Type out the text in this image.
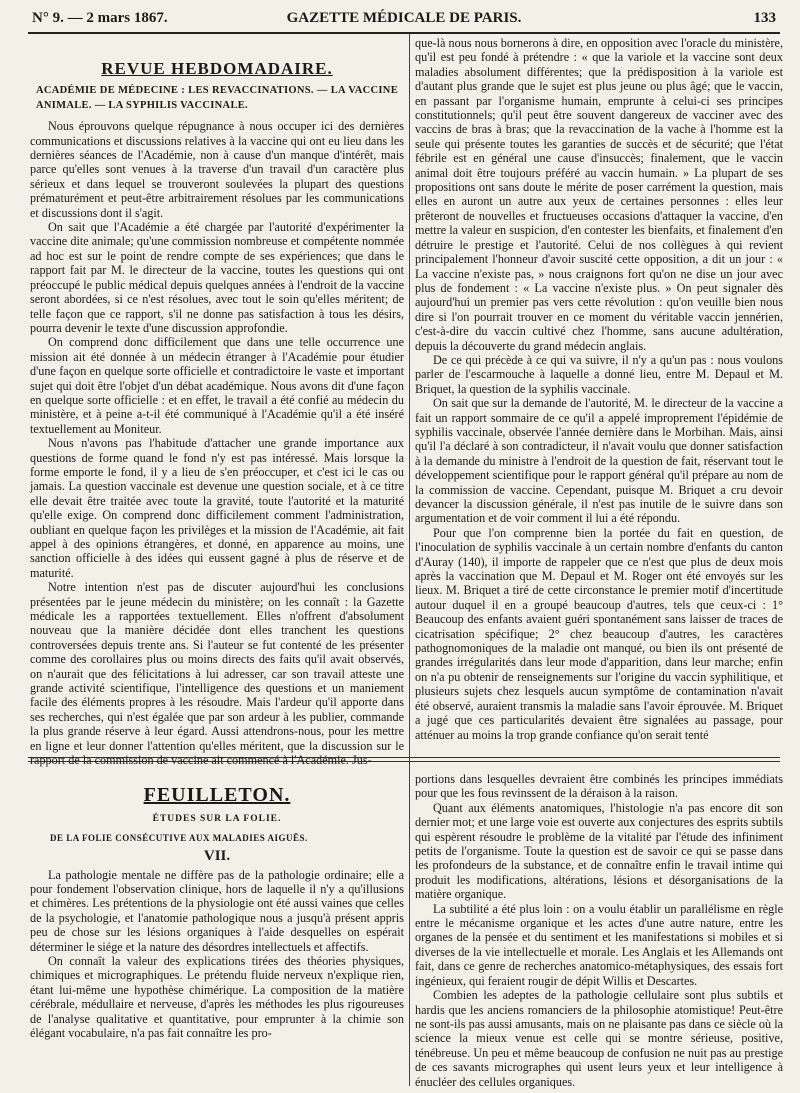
N° 9. — 2 mars 1867.	GAZETTE MÉDICALE DE PARIS.	133
REVUE HEBDOMADAIRE.

ACADÉMIE DE MÉDECINE : LES REVACCINATIONS. — LA VACCINE ANIMALE. — LA SYPHILIS VACCINALE.

Nous éprouvons quelque répugnance à nous occuper ici des dernières communications et discussions relatives à la vaccine qui ont eu lieu dans les dernières séances de l'Académie, non à cause d'un manque d'intérêt, mais parce qu'elles sont venues à la traverse d'un travail d'un caractère plus sérieux et dans lequel se trouveront soulevées la plupart des questions prématurément et peut-être arbitrairement résolues par les communications et discussions dont il s'agit.

On sait que l'Académie a été chargée par l'autorité d'expérimenter la vaccine dite animale; qu'une commission nombreuse et compétente nommée ad hoc est sur le point de rendre compte de ses expériences; que dans le rapport fait par M. le directeur de la vaccine, toutes les questions qui ont préoccupé le public médical depuis quelques années à l'endroit de la vaccine seront abordées, si ce n'est résolues, avec tout le soin qu'elles méritent; de telle façon que ce rapport, s'il ne donne pas satisfaction à tous les désirs, pourra devenir le texte d'une discussion approfondie.

On comprend donc difficilement que dans une telle occurrence une mission ait été donnée à un médecin étranger à l'Académie pour étudier d'une façon en quelque sorte officielle et contradictoire le vaste et important sujet qui doit être l'objet d'un débat académique. Nous avons dit d'une façon en quelque sorte officielle : et en effet, le travail a été confié au médecin du ministère, et à peine a-t-il été communiqué à l'Académie qu'il a été inséré textuellement au Moniteur.

Nous n'avons pas l'habitude d'attacher une grande importance aux questions de forme quand le fond n'y est pas intéressé. Mais lorsque la forme emporte le fond, il y a lieu de s'en préoccuper, et c'est ici le cas ou jamais. La question vaccinale est devenue une question sociale, et à ce titre elle devait être traitée avec toute la gravité, toute l'autorité et la maturité qu'elle exige. On comprend donc difficilement comment l'administration, oubliant en quelque façon les privilèges et la mission de l'Académie, ait fait appel à des opinions étrangères, et donné, en apparence au moins, une sanction officielle à des idées qui eussent gagné à plus de réserve et de maturité.

Notre intention n'est pas de discuter aujourd'hui les conclusions présentées par le jeune médecin du ministère; on les connaît : la Gazette médicale les a rapportées textuellement. Elles n'offrent d'absolument nouveau que la manière décidée dont elles tranchent les questions controversées depuis trente ans. Si l'auteur se fut contenté de les présenter comme des corollaires plus ou moins directs des faits qu'il avait observés, on n'aurait que des félicitations à lui adresser, car son travail atteste une grande activité scientifique, l'intelligence des questions et un maniement facile des éléments propres à les résoudre. Mais l'ardeur qu'il apporte dans ses recherches, qui n'est égalée que par son ardeur à les publier, commande la plus grande réserve à leur égard. Aussi attendrons-nous, pour les mettre en ligne et leur donner l'attention qu'elles méritent, que la discussion sur le rapport de la commission de vaccine ait commencé à l'Académie. Jus-

que-là nous nous bornerons à dire, en opposition avec l'oracle du ministère, qu'il est peu fondé à prétendre : « que la variole et la vaccine sont deux maladies absolument différentes; que la prédisposition à la variole est d'autant plus grande que le sujet est plus jeune ou plus âgé; que le vaccin, en passant par l'organisme humain, emprunte à celui-ci ses principes constitutionnels; qu'il peut être souvent dangereux de vacciner avec des vaccins de bras à bras; que la revaccination de la vache à l'homme est la seule qui présente toutes les garanties de succès et de sécurité; que l'état fébrile est en général une cause d'insuccès; finalement, que le vaccin animal doit être toujours préféré au vaccin humain. » La plupart de ses propositions ont sans doute le mérite de poser carrément la question, mais elles en auront un autre aux yeux de certaines personnes : elles leur prêteront de nouvelles et fructueuses occasions d'attaquer la vaccine, d'en mettre la valeur en suspicion, d'en contester les bienfaits, et finalement d'en détruire le prestige et l'autorité. Celui de nos collègues à qui revient principalement l'honneur d'avoir suscité cette opposition, a dit un jour : « La vaccine n'existe pas, » nous craignons fort qu'on ne dise un jour avec plus de fondement : « La vaccine n'existe plus. » On peut signaler dès aujourd'hui un premier pas vers cette révolution : qu'on veuille bien nous dire si l'on pourrait trouver en ce moment du véritable vaccin jennérien, c'est-à-dire du vaccin cultivé chez l'homme, sans aucune adultération, depuis la découverte du grand médecin anglais.

De ce qui précède à ce qui va suivre, il n'y a qu'un pas : nous voulons parler de l'escarmouche à laquelle a donné lieu, entre M. Depaul et M. Briquet, la question de la syphilis vaccinale.

On sait que sur la demande de l'autorité, M. le directeur de la vaccine a fait un rapport sommaire de ce qu'il a appelé improprement l'épidémie de syphilis vaccinale, observée l'année dernière dans le Morbihan. Mais, ainsi qu'il l'a déclaré à son contradicteur, il n'avait voulu que donner satisfaction à la demande du ministre à l'endroit de la question de fait, réservant tout le développement scientifique pour le rapport général qu'il prépare au nom de la commission de vaccine. Cependant, puisque M. Briquet a cru devoir devancer la discussion générale, il n'est pas inutile de le suivre dans son argumentation et de voir comment il lui a été répondu.

Pour que l'on comprenne bien la portée du fait en question, de l'inoculation de syphilis vaccinale à un certain nombre d'enfants du canton d'Auray (140), il importe de rappeler que ce n'est que plus de deux mois après la vaccination que M. Depaul et M. Roger ont été envoyés sur les lieux. M. Briquet a tiré de cette circonstance le premier motif d'incertitude autour duquel il en a groupé beaucoup d'autres, tels que ceux-ci : 1° Beaucoup des enfants avaient guéri spontanément sans laisser de traces de cicatrisation spécifique; 2° chez beaucoup d'autres, les caractères pathognomoniques de la maladie ont manqué, ou bien ils ont présenté de grandes irrégularités dans leur mode d'apparition, dans leur marche; enfin on n'a pu obtenir de renseignements sur l'origine du vaccin syphilitique, et plusieurs sujets chez lesquels aucun symptôme de contamination n'avait été observé, auraient transmis la maladie sans l'avoir éprouvée. M. Briquet a jugé que ces particularités devaient être signalées au passage, pour atténuer au moins la trop grande confiance qu'on serait tenté

FEUILLETON.
ÉTUDES SUR LA FOLIE.
DE LA FOLIE CONSÉCUTIVE AUX MALADIES AIGUËS.
VII.

La pathologie mentale ne diffère pas de la pathologie ordinaire; elle a pour fondement l'observation clinique, hors de laquelle il n'y a qu'illusions et chimères. Les prétentions de la physiologie ont été aussi vaines que celles de la psychologie, et l'anatomie pathologique nous a jusqu'à présent appris peu de chose sur les lésions organiques à l'aide desquelles on espérait déterminer le siége et la nature des désordres intellectuels et affectifs.

On connaît la valeur des explications tirées des théories physiques, chimiques et micrographiques. Le prétendu fluide nerveux n'explique rien, étant lui-même une hypothèse chimérique. La composition de la matière cérébrale, médullaire et nerveuse, d'après les méthodes les plus rigoureuses de l'analyse qualitative et quantitative, pour emprunter à la chimie son élégant vocabulaire, n'a pas fait connaître les pro-

portions dans lesquelles devraient être combinés les principes immédiats pour que les fous revinssent de la déraison à la raison.

Quant aux éléments anatomiques, l'histologie n'a pas encore dit son dernier mot; et une large voie est ouverte aux conjectures des esprits subtils qui espèrent résoudre le problème de la vitalité par l'étude des infiniment petits de l'organisme. Toute la question est de savoir ce qui se passe dans les profondeurs de la substance, et de connaître enfin le travail intime qui produit les modifications, altérations, lésions et désorganisations de la matière organique.

La subtilité a été plus loin : on a voulu établir un parallélisme en règle entre le mécanisme organique et les actes d'une autre nature, entre les organes de la pensée et du sentiment et les manifestations si mobiles et si diverses de la vie intellectuelle et morale. Les Anglais et les Allemands ont fait, dans ce genre de recherches anatomico-métaphysiques, des essais fort ingénieux, qui feraient rougir de dépit Willis et Descartes.

Combien les adeptes de la pathologie cellulaire sont plus subtils et hardis que les anciens romanciers de la philosophie atomistique! Peut-être ne sont-ils pas aussi amusants, mais on ne plaisante pas dans ce siècle où la science la mieux venue est celle qui se montre sérieuse, positive, ténébreuse. Un peu et même beaucoup de confusion ne nuit pas au prestige de ces savants micrographes qui usent leurs yeux et leur intelligence à énucléer des cellules organiques.
